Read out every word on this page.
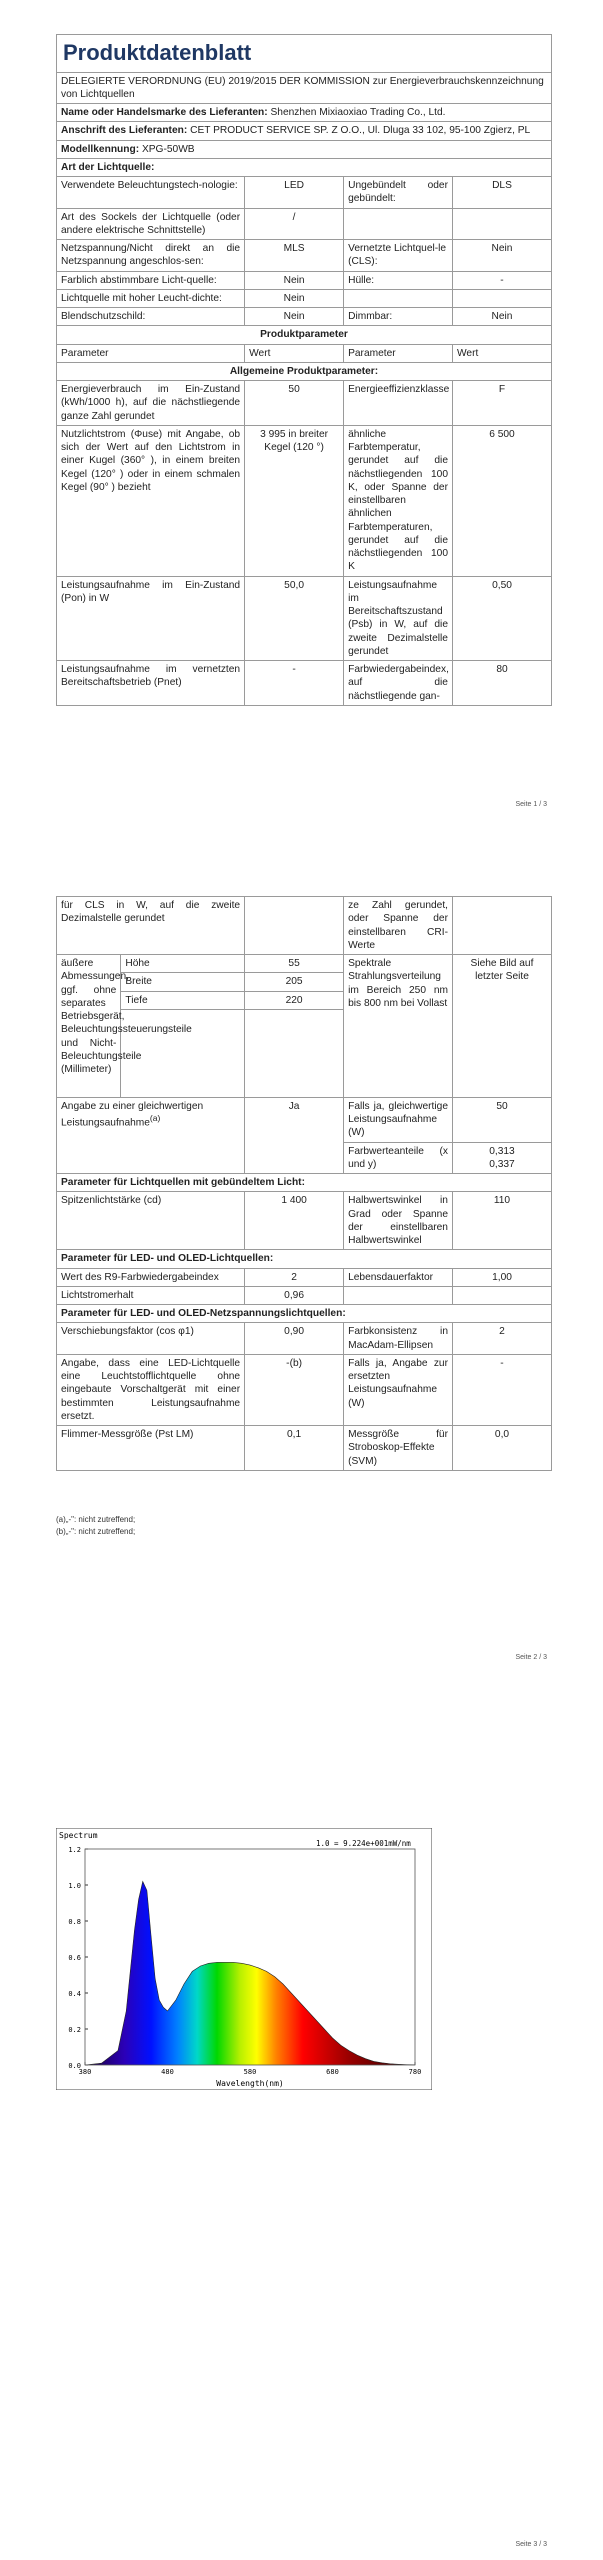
Produktdatenblatt			
DELEGIERTE VERORDNUNG (EU) 2019/2015 DER KOMMISSION zur Energieverbrauchskennzeichnung von Lichtquellen			
Name oder Handelsmarke des Lieferanten: Shenzhen Mixiaoxiao Trading Co., Ltd.			
Anschrift des Lieferanten: CET PRODUCT SERVICE SP. Z O.O., Ul. Dluga 33 102, 95-100 Zgierz, PL			
Modellkennung: XPG-50WB			
Art der Lichtquelle:			
Verwendete Beleuchtungstech-nologie:	LED	Ungebündelt oder gebündelt:	DLS
Art des Sockels der Lichtquelle (oder andere elektrische Schnittstelle)	/		
Netzspannung/Nicht direkt an die Netzspannung angeschlos-sen:	MLS	Vernetzte Lichtquel-le (CLS):	Nein
Farblich abstimmbare Licht-quelle:	Nein	Hülle:	-
Lichtquelle mit hoher Leucht-dichte:	Nein		
Blendschutzschild:	Nein	Dimmbar:	Nein
Produktparameter			
Parameter	Wert	Parameter	Wert
Allgemeine Produktparameter:			
Energieverbrauch im Ein-Zustand (kWh/1000 h), auf die nächstliegende ganze Zahl gerundet	50	Energieeffizienzklasse	F
Nutzlichtstrom (Φuse) mit Angabe, ob sich der Wert auf den Lichtstrom in einer Kugel (360° ), in einem breiten Kegel (120° ) oder in einem schmalen Kegel (90° ) bezieht	3 995 in breiter Kegel (120 °)	ähnliche Farbtemperatur, gerundet auf die nächstliegenden 100 K, oder Spanne der einstellbaren ähnlichen Farbtemperaturen, gerundet auf die nächstliegenden 100 K	6 500
Leistungsaufnahme im Ein-Zustand (Pon) in W	50,0	Leistungsaufnahme im Bereitschaftszustand (Psb) in W, auf die zweite Dezimalstelle gerundet	0,50
Leistungsaufnahme im vernetzten Bereitschaftsbetrieb (Pnet)	-	Farbwiedergabeindex, auf die nächstliegende gan-	80
Seite 1 / 3
für CLS in W, auf die zweite Dezimalstelle gerundet			ze Zahl gerundet, oder Spanne der einstellbaren CRI-Werte	
äußere Abmessungen, ggf. ohne separates Betriebsgerät, Beleuchtungssteuerungsteile und Nicht-Beleuchtungsteile (Millimeter)	Höhe	55	Spektrale Strahlungsverteilung im Bereich 250 nm bis 800 nm bei Vollast	Siehe Bild auf letzter Seite
	Breite	205		
	Tiefe	220		

Angabe zu einer gleichwertigen Leistungsaufnahme$^{(a)}$		Ja	Falls ja, gleichwertige Leistungsaufnahme (W)	50
			Farbwerteanteile (x und y)	0,313
0,337

Parameter für Lichtquellen mit gebündeltem Licht:				
Spitzenlichtstärke (cd)		1 400	Halbwertswinkel in Grad oder Spanne der einstellbaren Halbwertswinkel	110
Parameter für LED- und OLED-Lichtquellen:				
Wert des R9-Farbwiedergabeindex		2	Lebensdauerfaktor	1,00
Lichtstromerhalt		0,96		
Parameter für LED- und OLED-Netzspannungslichtquellen:				
Verschiebungsfaktor (cos φ1)		0,90	Farbkonsistenz in MacAdam-Ellipsen	2
Angabe, dass eine LED-Lichtquelle eine Leuchtstofflichtquelle ohne eingebaute Vorschaltgerät mit einer bestimmten Leistungsaufnahme ersetzt.		-(b)	Falls ja, Angabe zur ersetzten Leistungsaufnahme (W)	-
Flimmer-Messgröße (Pst LM)		0,1	Messgröße für Stroboskop-Effekte (SVM)	0,0
(a)„-": nicht zutreffend;
(b)„-": nicht zutreffend;
Seite 2 / 3
Spectrum
1.0 = 9.224e+001mW/nm
Wavelength(nm)
0.0
0.2
0.4
0.6
0.8
1.0
1.2
380	480	580	680	780
Seite 3 / 3
